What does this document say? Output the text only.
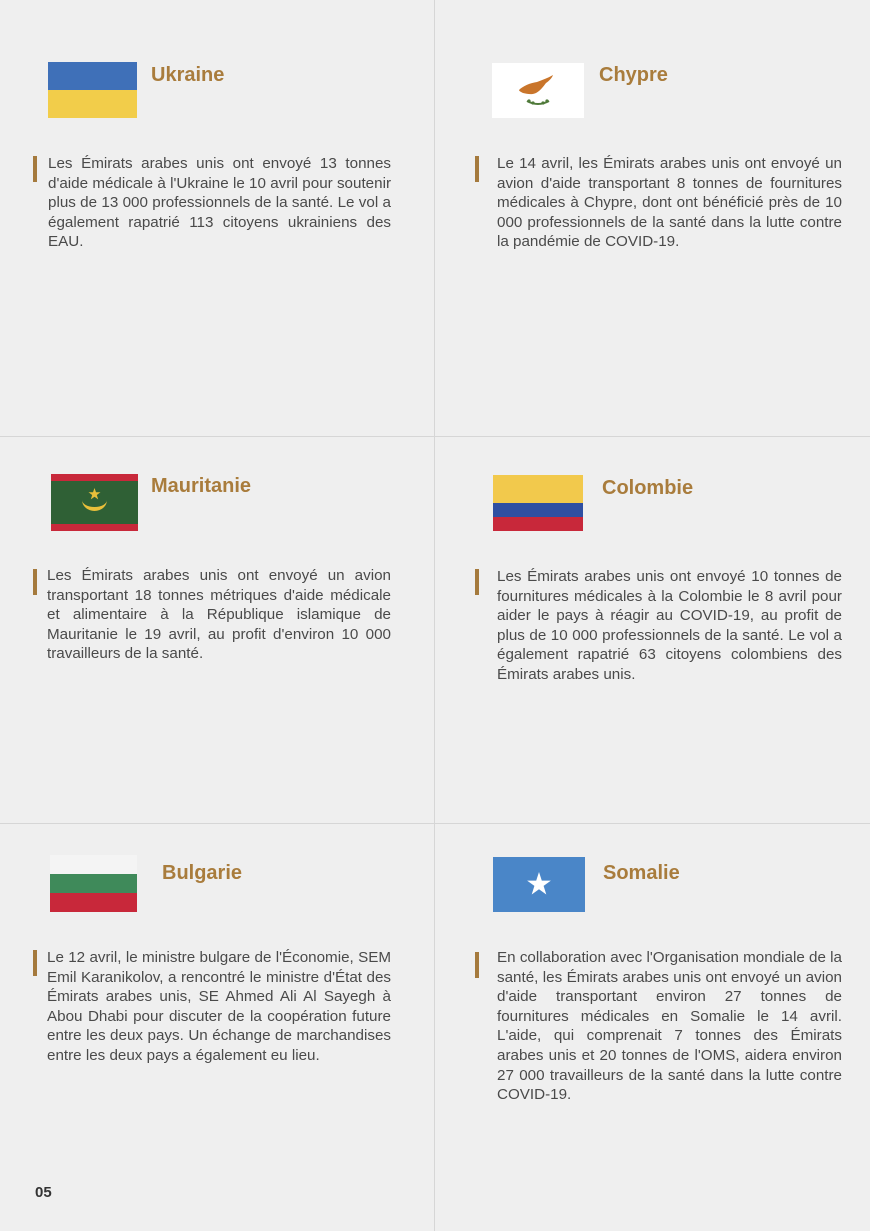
Ukraine

Les Émirats arabes unis ont envoyé 13 tonnes d'aide médicale à l'Ukraine le 10 avril pour soutenir plus de 13 000 professionnels de la santé. Le vol a également rapatrié 113 citoyens ukrainiens des EAU.

Chypre

Le 14 avril, les Émirats arabes unis ont envoyé un avion d'aide transportant 8 tonnes de fournitures médicales à Chypre, dont ont bénéficié près de 10 000 professionnels de la santé dans la lutte contre la pandémie de COVID-19.

Mauritanie

Les Émirats arabes unis ont envoyé un avion transportant 18 tonnes métriques d'aide médicale et alimentaire à la République islamique de Mauritanie le 19 avril, au profit d'environ 10 000 travailleurs de la santé.

Colombie

Les Émirats arabes unis ont envoyé 10 tonnes de fournitures médicales à la Colombie le 8 avril pour aider le pays à réagir au COVID-19, au profit de plus de 10 000 professionnels de la santé. Le vol a également rapatrié 63 citoyens colombiens des Émirats arabes unis.

Bulgarie

Le 12 avril, le ministre bulgare de l'Économie, SEM Emil Karanikolov, a rencontré le ministre d'État des Émirats arabes unis, SE Ahmed Ali Al Sayegh à Abou Dhabi pour discuter de la coopération future entre les deux pays. Un échange de marchandises entre les deux pays a également eu lieu.

Somalie

En collaboration avec l'Organisation mondiale de la santé, les Émirats arabes unis ont envoyé un avion d'aide transportant environ 27 tonnes de fournitures médicales en Somalie le 14 avril. L'aide, qui comprenait 7 tonnes des Émirats arabes unis et 20 tonnes de l'OMS, aidera environ 27 000 travailleurs de la santé dans la lutte contre COVID-19.

05
